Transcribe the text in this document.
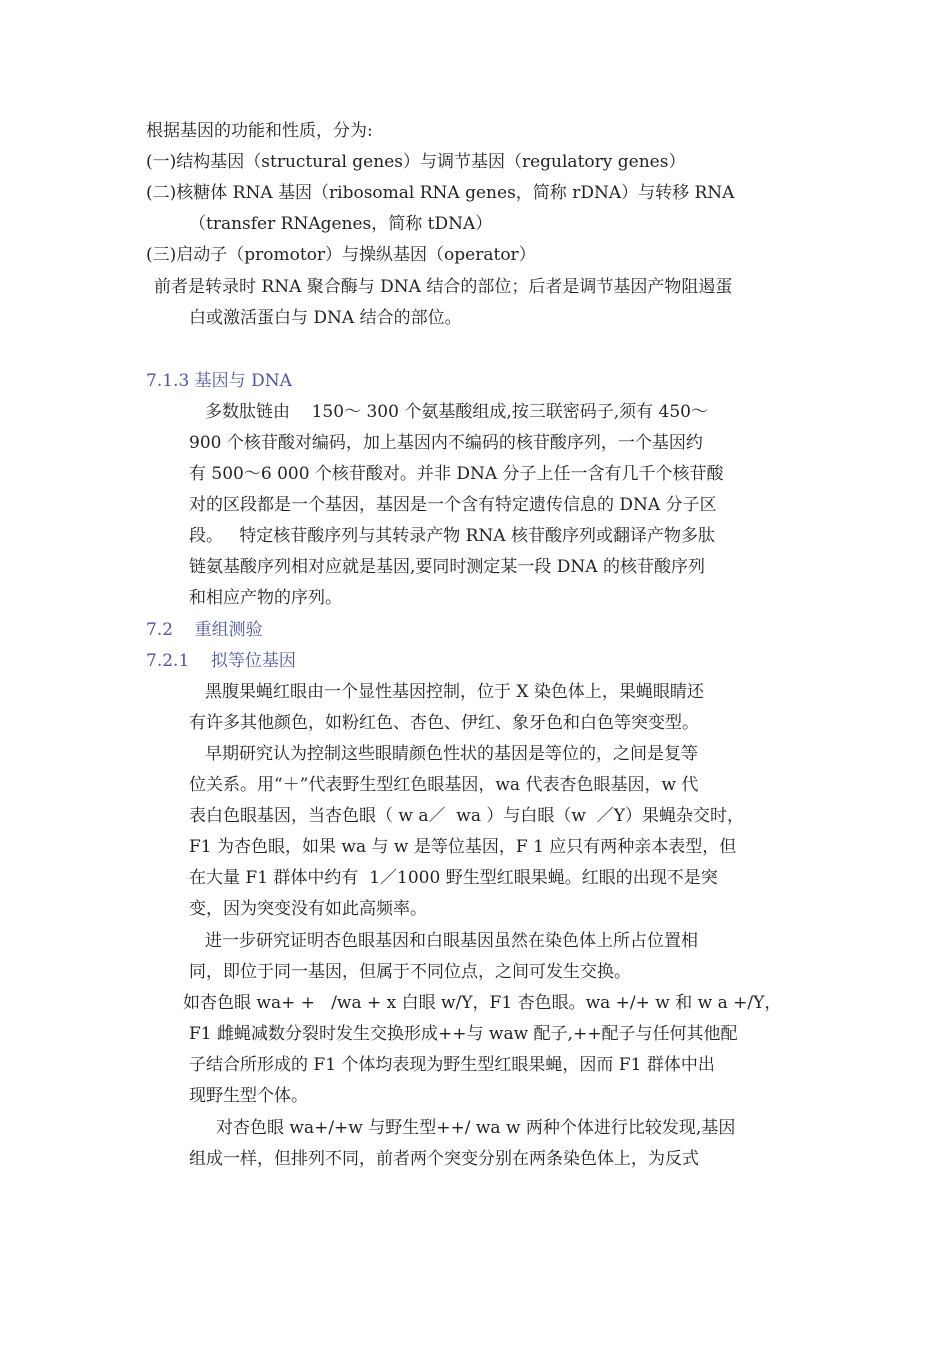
根据基因的功能和性质，分为:
(一)结构基因（structural genes）与调节基因（regulatory genes）
(二)核糖体 RNA 基因（ribosomal RNA genes，简称 rDNA）与转移 RNA
（transfer RNAgenes，简称 tDNA）
(三)启动子（promotor）与操纵基因（operator）
前者是转录时 RNA 聚合酶与 DNA 结合的部位；后者是调节基因产物阻遏蛋
白或激活蛋白与 DNA 结合的部位。
7.1.3 基因与 DNA
多数肽链由    150～ 300 个氨基酸组成,按三联密码子,须有 450～
900 个核苷酸对编码，加上基因内不编码的核苷酸序列，一个基因约
有 500～6 000 个核苷酸对。并非 DNA 分子上任一含有几千个核苷酸
对的区段都是一个基因，基因是一个含有特定遗传信息的 DNA 分子区
段。   特定核苷酸序列与其转录产物 RNA 核苷酸序列或翻译产物多肽
链氨基酸序列相对应就是基因,要同时测定某一段 DNA 的核苷酸序列
和相应产物的序列。
7.2    重组测验
7.2.1    拟等位基因
黑腹果蝇红眼由一个显性基因控制，位于 X 染色体上，果蝇眼睛还
有许多其他颜色，如粉红色、杏色、伊红、象牙色和白色等突变型。
早期研究认为控制这些眼睛颜色性状的基因是等位的，之间是复等
位关系。用“＋”代表野生型红色眼基因，wa 代表杏色眼基因，w 代
表白色眼基因，当杏色眼（ w a／  wa ）与白眼（w  ／Y）果蝇杂交时，
F1 为杏色眼，如果 wa 与 w 是等位基因，F 1 应只有两种亲本表型，但
在大量 F1 群体中约有  1／1000 野生型红眼果蝇。红眼的出现不是突
变，因为突变没有如此高频率。
进一步研究证明杏色眼基因和白眼基因虽然在染色体上所占位置相
同，即位于同一基因，但属于不同位点，之间可发生交换。
如杏色眼 wa+ +   /wa + x 白眼 w/Y，F1 杏色眼。wa +/+ w 和 w a +/Y，
F1 雌蝇减数分裂时发生交换形成++与 waw 配子,++配子与任何其他配
子结合所形成的 F1 个体均表现为野生型红眼果蝇，因而 F1 群体中出
现野生型个体。
对杏色眼 wa+/+w 与野生型++/ wa w 两种个体进行比较发现,基因
组成一样，但排列不同，前者两个突变分别在两条染色体上，为反式
